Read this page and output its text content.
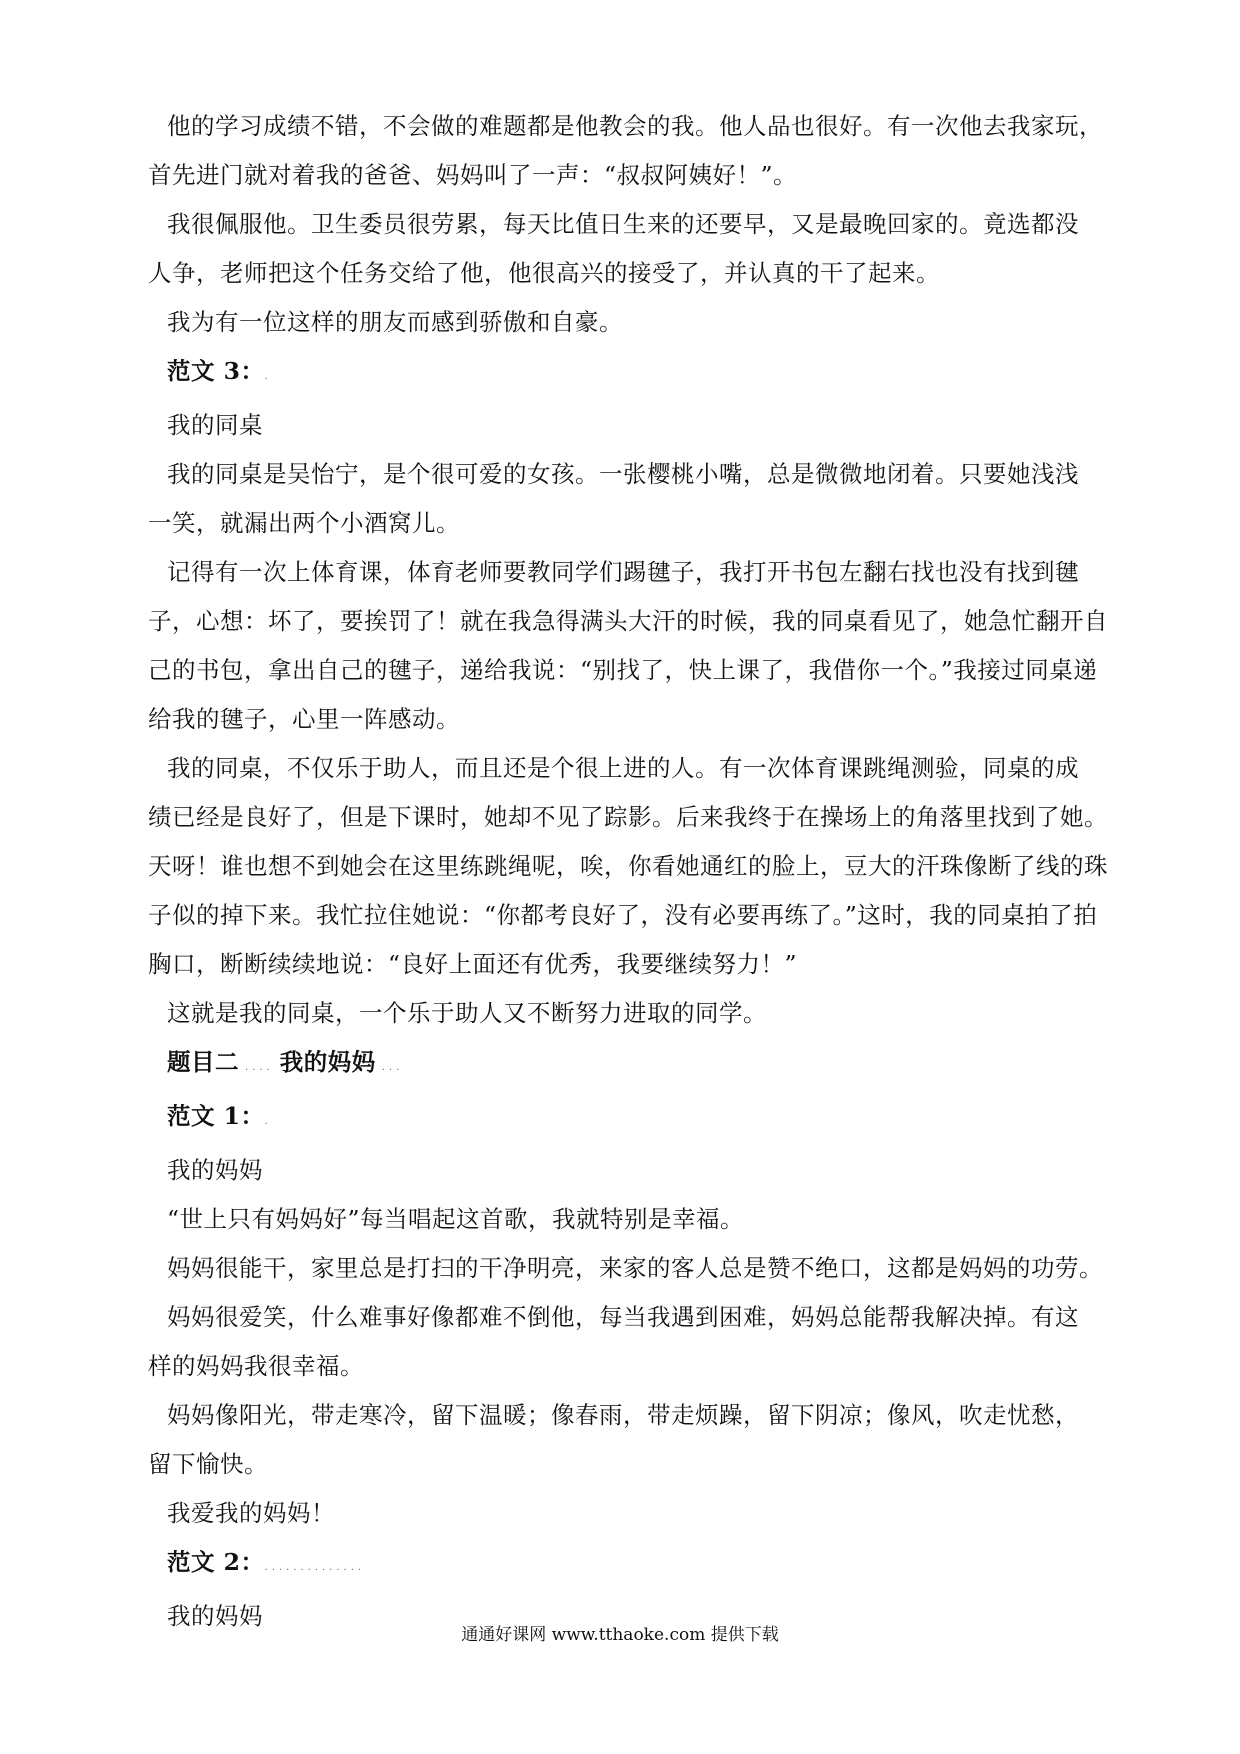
他的学习成绩不错，不会做的难题都是他教会的我。他人品也很好。有一次他去我家玩，
首先进门就对着我的爸爸、妈妈叫了一声：“叔叔阿姨好！”。
我很佩服他。卫生委员很劳累，每天比值日生来的还要早，又是最晚回家的。竟选都没
人争，老师把这个任务交给了他，他很高兴的接受了，并认真的干了起来。
我为有一位这样的朋友而感到骄傲和自豪。
范文 3：.
我的同桌
我的同桌是吴怡宁，是个很可爱的女孩。一张樱桃小嘴，总是微微地闭着。只要她浅浅
一笑，就漏出两个小酒窝儿。
记得有一次上体育课，体育老师要教同学们踢毽子，我打开书包左翻右找也没有找到毽
子，心想：坏了，要挨罚了！就在我急得满头大汗的时候，我的同桌看见了，她急忙翻开自
己的书包，拿出自己的毽子，递给我说：“别找了，快上课了，我借你一个。”我接过同桌递
给我的毽子，心里一阵感动。
我的同桌，不仅乐于助人，而且还是个很上进的人。有一次体育课跳绳测验，同桌的成
绩已经是良好了，但是下课时，她却不见了踪影。后来我终于在操场上的角落里找到了她。
天呀！谁也想不到她会在这里练跳绳呢，唉，你看她通红的脸上，豆大的汗珠像断了线的珠
子似的掉下来。我忙拉住她说：“你都考良好了，没有必要再练了。”这时，我的同桌拍了拍
胸口，断断续续地说：“良好上面还有优秀，我要继续努力！”
这就是我的同桌，一个乐于助人又不断努力进取的同学。
题目二 .... 我的妈妈 ...
范文 1：.
我的妈妈
“世上只有妈妈好”每当唱起这首歌，我就特别是幸福。
妈妈很能干，家里总是打扫的干净明亮，来家的客人总是赞不绝口，这都是妈妈的功劳。
妈妈很爱笑，什么难事好像都难不倒他，每当我遇到困难，妈妈总能帮我解决掉。有这
样的妈妈我很幸福。
妈妈像阳光，带走寒冷，留下温暖；像春雨，带走烦躁，留下阴凉；像风，吹走忧愁，
留下愉快。
我爱我的妈妈！
范文 2：..............
我的妈妈
通通好课网 www.tthaoke.com 提供下载
